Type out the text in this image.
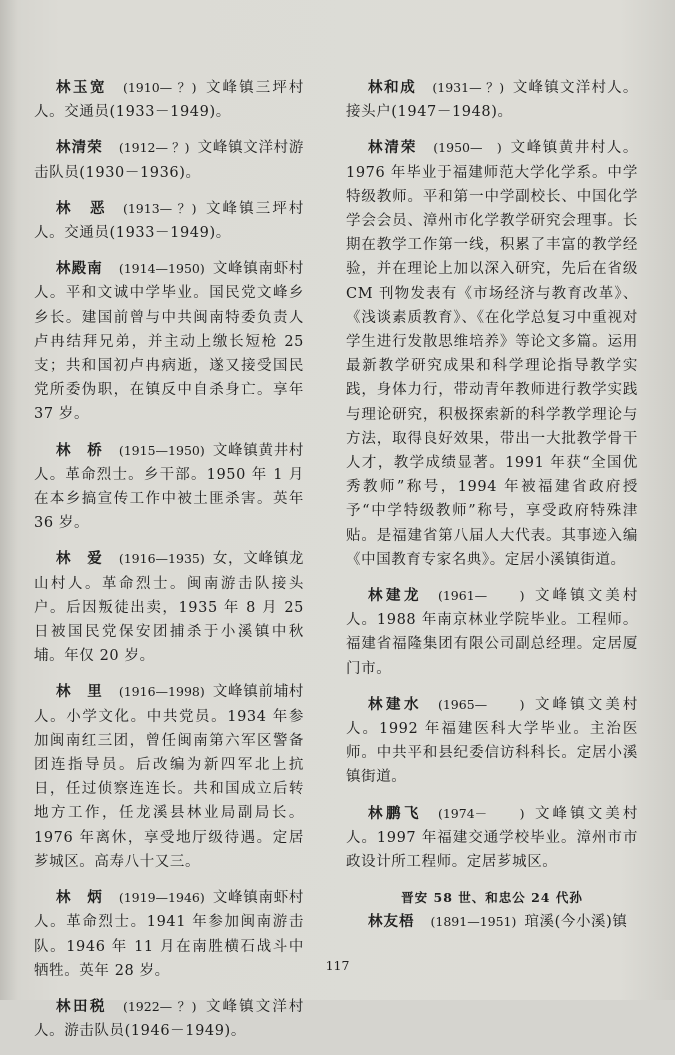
林玉宽 (1910— ？) 文峰镇三坪村人。交通员(1933－1949)。

林清荣 (1912— ？) 文峰镇文洋村游击队员(1930－1936)。

林　恶 (1913— ？) 文峰镇三坪村人。交通员(1933－1949)。

林殿南 (1914—1950) 文峰镇南虾村人。平和文诚中学毕业。国民党文峰乡乡长。建国前曾与中共闽南特委负责人卢冉结拜兄弟，并主动上缴长短枪 25 支；共和国初卢冉病逝，遂又接受国民党所委伪职，在镇反中自杀身亡。享年 37 岁。

林　桥 (1915—1950) 文峰镇黄井村人。革命烈士。乡干部。1950 年 1 月在本乡搞宣传工作中被土匪杀害。英年 36 岁。

林　爱 (1916—1935) 女，文峰镇龙山村人。革命烈士。闽南游击队接头户。后因叛徒出卖，1935 年 8 月 25 日被国民党保安团捕杀于小溪镇中秋埔。年仅 20 岁。

林　里 (1916—1998) 文峰镇前埔村人。小学文化。中共党员。1934 年参加闽南红三团，曾任闽南第六军区警备团连指导员。后改编为新四军北上抗日，任过侦察连连长。共和国成立后转地方工作，任龙溪县林业局副局长。1976 年离休，享受地厅级待遇。定居芗城区。高寿八十又三。

林　炳 (1919—1946) 文峰镇南虾村人。革命烈士。1941 年参加闽南游击队。1946 年 11 月在南胜横石战斗中牺牲。英年 28 岁。

林田税 (1922— ？) 文峰镇文洋村人。游击队员(1946－1949)。

林和成 (1931— ？) 文峰镇文洋村人。接头户(1947－1948)。

林清荣 (1950—　) 文峰镇黄井村人。1976 年毕业于福建师范大学化学系。中学特级教师。平和第一中学副校长、中国化学学会会员、漳州市化学教学研究会理事。长期在教学工作第一线，积累了丰富的教学经验，并在理论上加以深入研究，先后在省级 CM 刊物发表有《市场经济与教育改革》、《浅谈素质教育》、《在化学总复习中重视对学生进行发散思维培养》等论文多篇。运用最新教学研究成果和科学理论指导教学实践，身体力行，带动青年教师进行教学实践与理论研究，积极探索新的科学教学理论与方法，取得良好效果，带出一大批教学骨干人才，教学成绩显著。1991 年获“全国优秀教师”称号，1994 年被福建省政府授予“中学特级教师”称号，享受政府特殊津贴。是福建省第八届人大代表。其事迹入编《中国教育专家名典》。定居小溪镇街道。

林建龙 (1961—　　) 文峰镇文美村人。1988 年南京林业学院毕业。工程师。福建省福隆集团有限公司副总经理。定居厦门市。

林建水 (1965—　　) 文峰镇文美村人。1992 年福建医科大学毕业。主治医师。中共平和县纪委信访科科长。定居小溪镇街道。

林鹏飞 (1974－　　) 文峰镇文美村人。1997 年福建交通学校毕业。漳州市市政设计所工程师。定居芗城区。

晋安 58 世、和忠公 24 代孙

林友梧 (1891—1951) 琯溪(今小溪)镇

117
